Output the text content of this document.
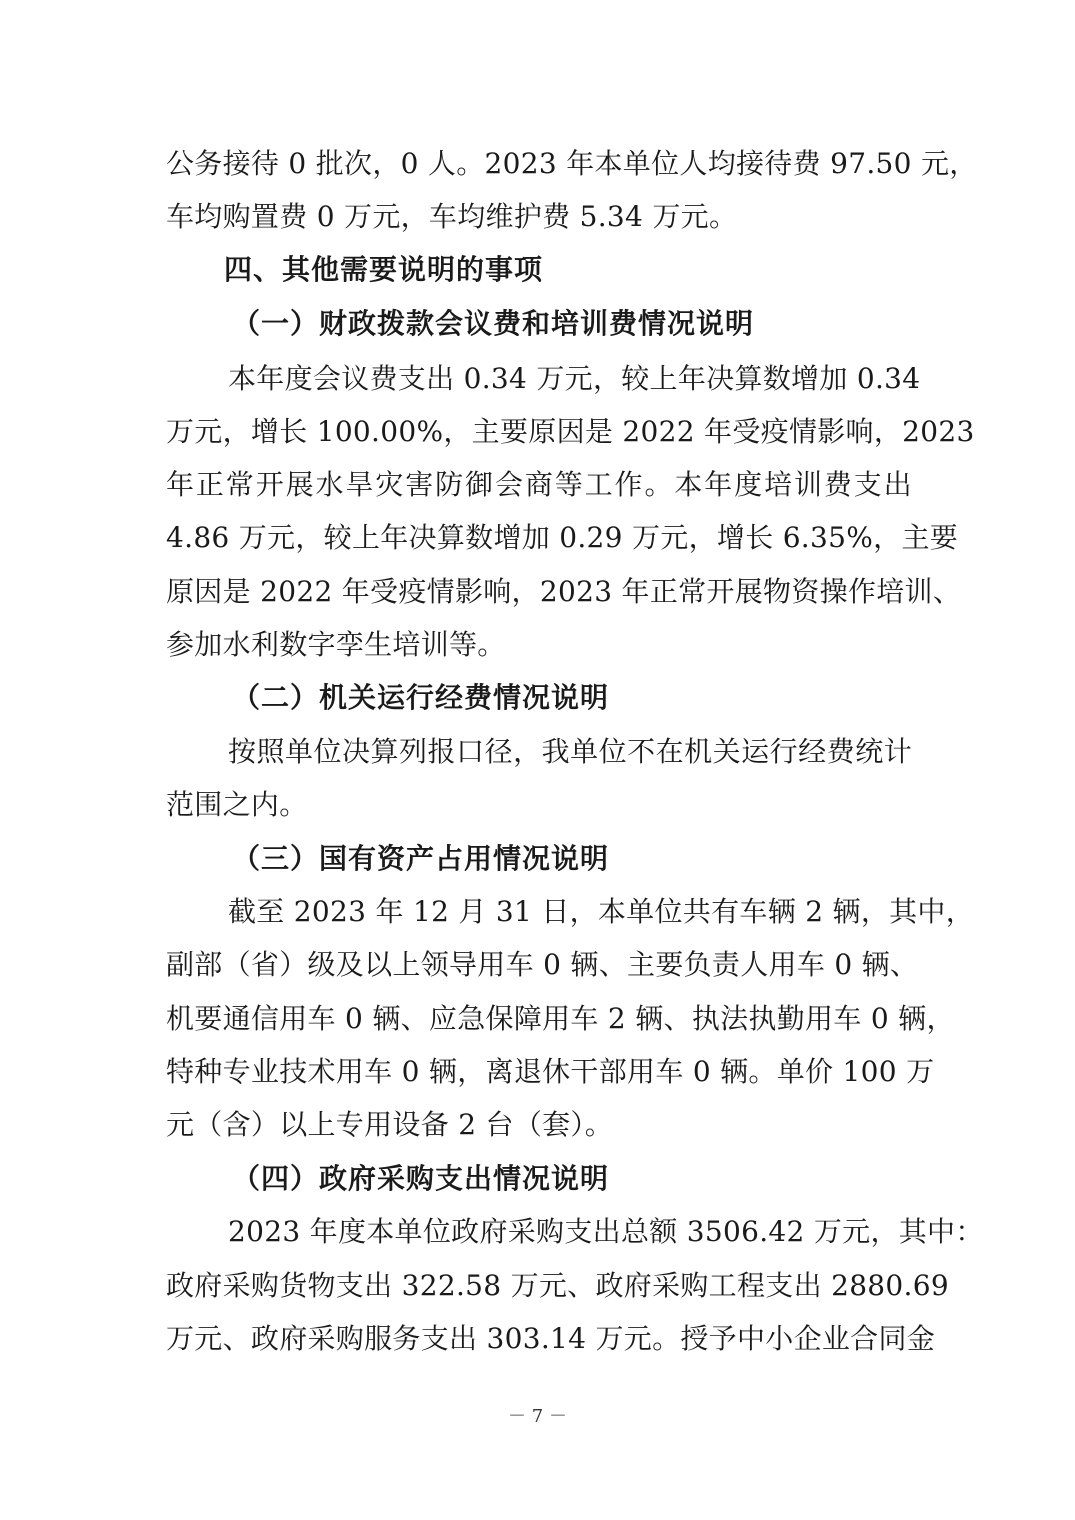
公务接待 0 批次，0 人。2023 年本单位人均接待费 97.50 元，
车均购置费 0 万元，车均维护费 5.34 万元。
四、其他需要说明的事项
（一）财政拨款会议费和培训费情况说明
本年度会议费支出 0.34 万元，较上年决算数增加 0.34
万元，增长 100.00%，主要原因是 2022 年受疫情影响，2023
年正常开展水旱灾害防御会商等工作。本年度培训费支出
4.86 万元，较上年决算数增加 0.29 万元，增长 6.35%，主要
原因是 2022 年受疫情影响，2023 年正常开展物资操作培训、
参加水利数字孪生培训等。
（二）机关运行经费情况说明
按照单位决算列报口径，我单位不在机关运行经费统计
范围之内。
（三）国有资产占用情况说明
截至 2023 年 12 月 31 日，本单位共有车辆 2 辆，其中，
副部（省）级及以上领导用车 0 辆、主要负责人用车 0 辆、
机要通信用车 0 辆、应急保障用车 2 辆、执法执勤用车 0 辆，
特种专业技术用车 0 辆，离退休干部用车 0 辆。单价 100 万
元（含）以上专用设备 2 台（套）。
（四）政府采购支出情况说明
2023 年度本单位政府采购支出总额 3506.42 万元，其中：
政府采购货物支出 322.58 万元、政府采购工程支出 2880.69
万元、政府采购服务支出 303.14 万元。授予中小企业合同金
－ 7 －
